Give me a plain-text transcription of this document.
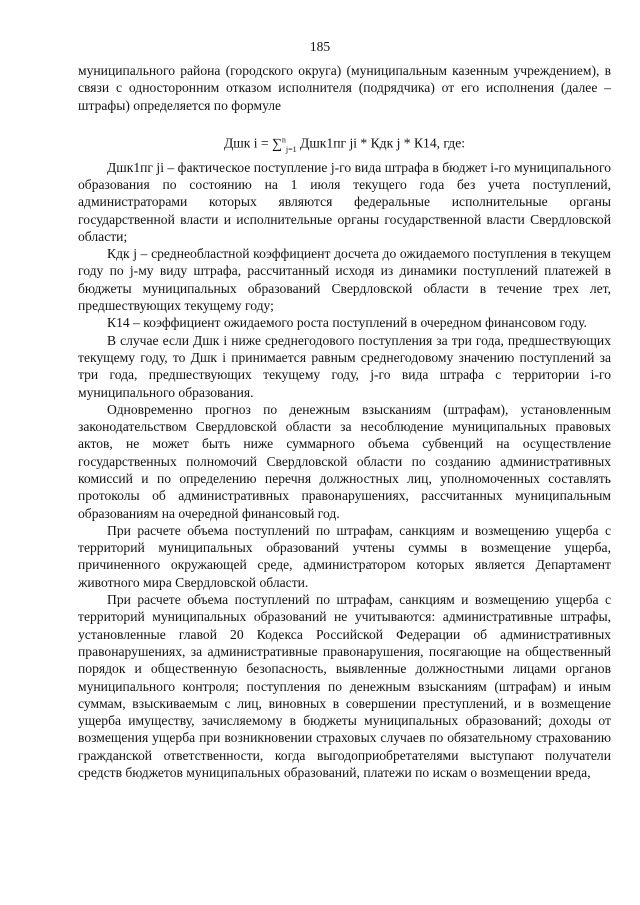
185

муниципального района (городского округа) (муниципальным казенным учреждением), в связи с односторонним отказом исполнителя (подрядчика) от его исполнения (далее – штрафы) определяется по формуле

Дшк i = ∑$^n_{j=1}$ Дшк1пг ji * Кдк j * К14, где:

Дшк1пг ji – фактическое поступление j-го вида штрафа в бюджет i-го муниципального образования по состоянию на 1 июля текущего года без учета поступлений, администраторами которых являются федеральные исполнительные органы государственной власти и исполнительные органы государственной власти Свердловской области;

Кдк j – среднеобластной коэффициент досчета до ожидаемого поступления в текущем году по j-му виду штрафа, рассчитанный исходя из динамики поступлений платежей в бюджеты муниципальных образований Свердловской области в течение трех лет, предшествующих текущему году;

К14 – коэффициент ожидаемого роста поступлений в очередном финансовом году.

В случае если Дшк i ниже среднегодового поступления за три года, предшествующих текущему году, то Дшк i принимается равным среднегодовому значению поступлений за три года, предшествующих текущему году, j-го вида штрафа с территории i-го муниципального образования.

Одновременно прогноз по денежным взысканиям (штрафам), установленным законодательством Свердловской области за несоблюдение муниципальных правовых актов, не может быть ниже суммарного объема субвенций на осуществление государственных полномочий Свердловской области по созданию административных комиссий и по определению перечня должностных лиц, уполномоченных составлять протоколы об административных правонарушениях, рассчитанных муниципальным образованиям на очередной финансовый год.

При расчете объема поступлений по штрафам, санкциям и возмещению ущерба с территорий муниципальных образований учтены суммы в возмещение ущерба, причиненного окружающей среде, администратором которых является Департамент животного мира Свердловской области.

При расчете объема поступлений по штрафам, санкциям и возмещению ущерба с территорий муниципальных образований не учитываются: административные штрафы, установленные главой 20 Кодекса Российской Федерации об административных правонарушениях, за административные правонарушения, посягающие на общественный порядок и общественную безопасность, выявленные должностными лицами органов муниципального контроля; поступления по денежным взысканиям (штрафам) и иным суммам, взыскиваемым с лиц, виновных в совершении преступлений, и в возмещение ущерба имуществу, зачисляемому в бюджеты муниципальных образований; доходы от возмещения ущерба при возникновении страховых случаев по обязательному страхованию гражданской ответственности, когда выгодоприобретателями выступают получатели средств бюджетов муниципальных образований, платежи по искам о возмещении вреда,
